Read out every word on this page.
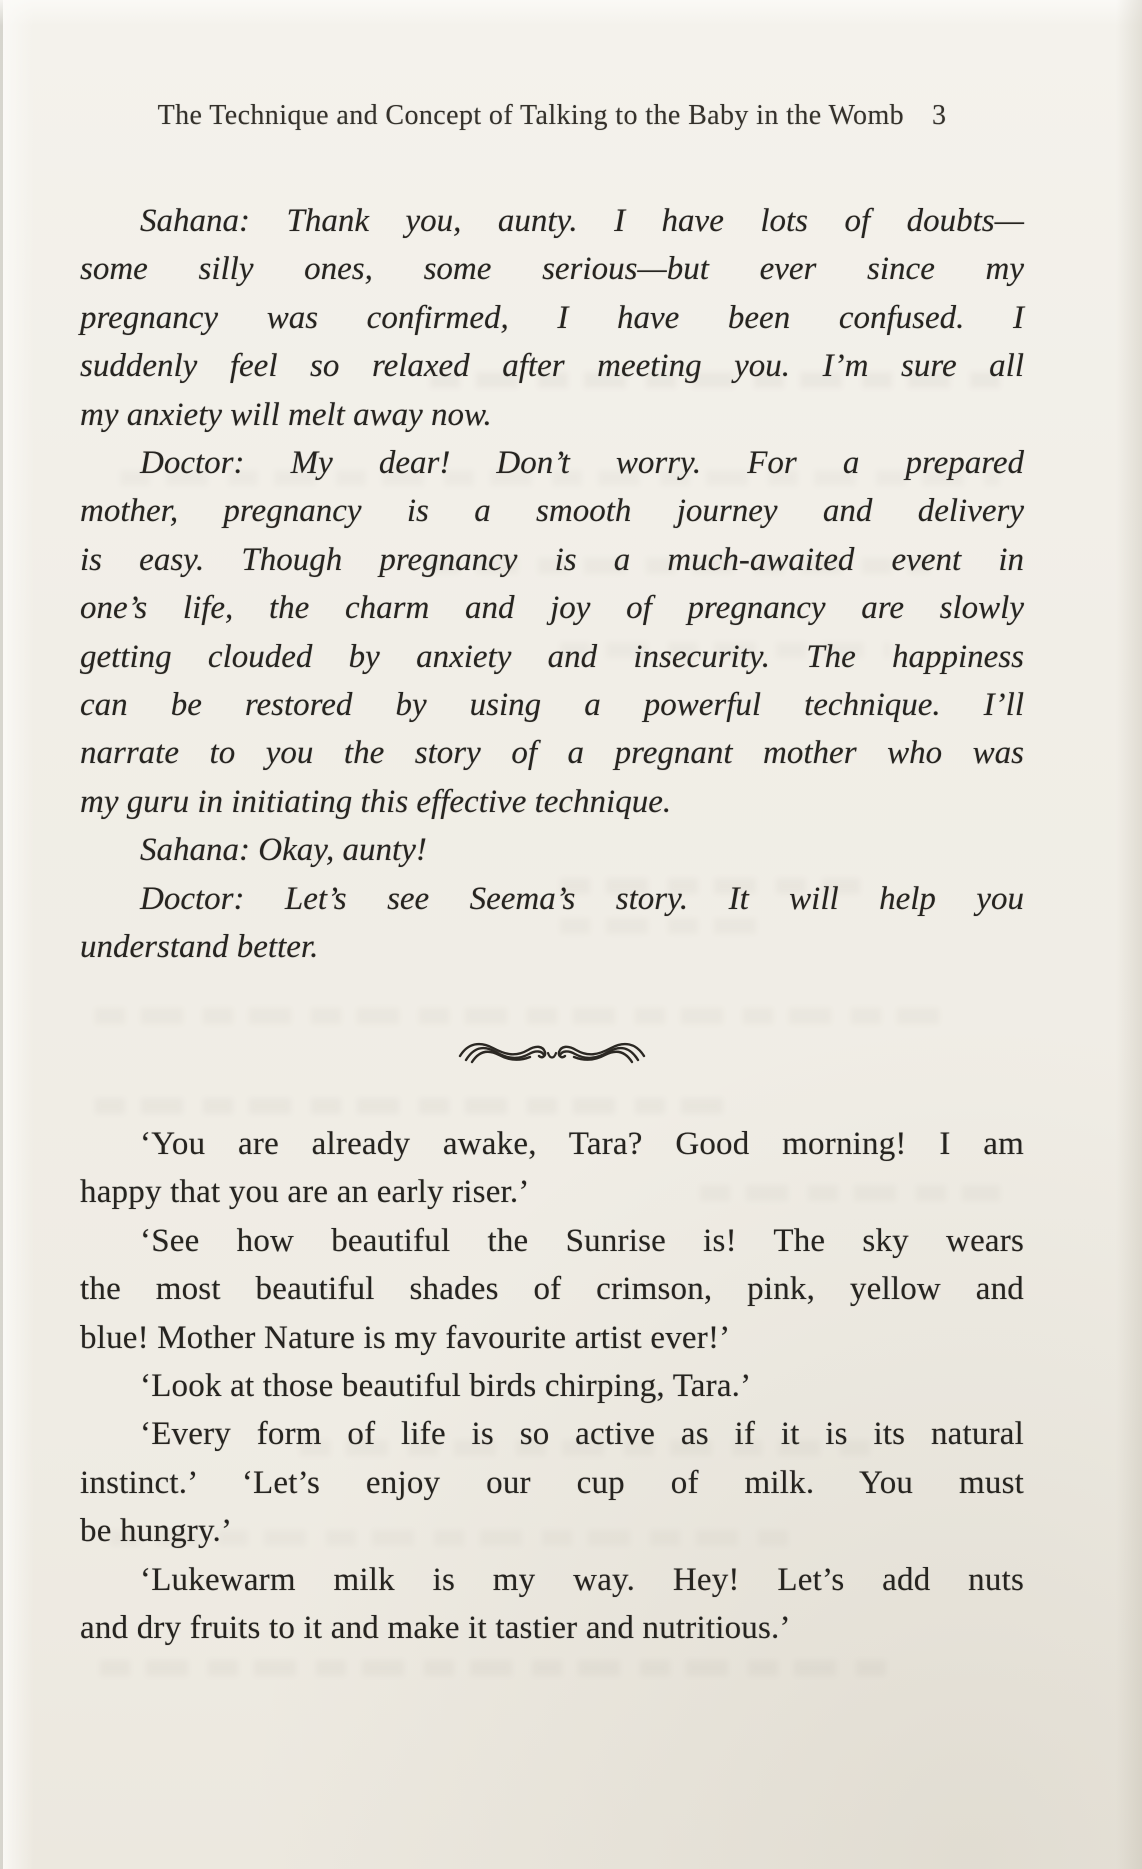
The Technique and Concept of Talking to the Baby in the Womb 3
Sahana: Thank you, aunty. I have lots of doubts—
some silly ones, some serious—but ever since my
pregnancy was confirmed, I have been confused. I
suddenly feel so relaxed after meeting you. I’m sure all
my anxiety will melt away now.
Doctor: My dear! Don’t worry. For a prepared
mother, pregnancy is a smooth journey and delivery
is easy. Though pregnancy is a much-awaited event in
one’s life, the charm and joy of pregnancy are slowly
getting clouded by anxiety and insecurity. The happiness
can be restored by using a powerful technique. I’ll
narrate to you the story of a pregnant mother who was
my guru in initiating this effective technique.
Sahana: Okay, aunty!
Doctor: Let’s see Seema’s story. It will help you
understand better.
‘You are already awake, Tara? Good morning! I am
happy that you are an early riser.’
‘See how beautiful the Sunrise is! The sky wears
the most beautiful shades of crimson, pink, yellow and
blue! Mother Nature is my favourite artist ever!’
‘Look at those beautiful birds chirping, Tara.’
‘Every form of life is so active as if it is its natural
instinct.’ ‘Let’s enjoy our cup of milk. You must
be hungry.’
‘Lukewarm milk is my way. Hey! Let’s add nuts
and dry fruits to it and make it tastier and nutritious.’
